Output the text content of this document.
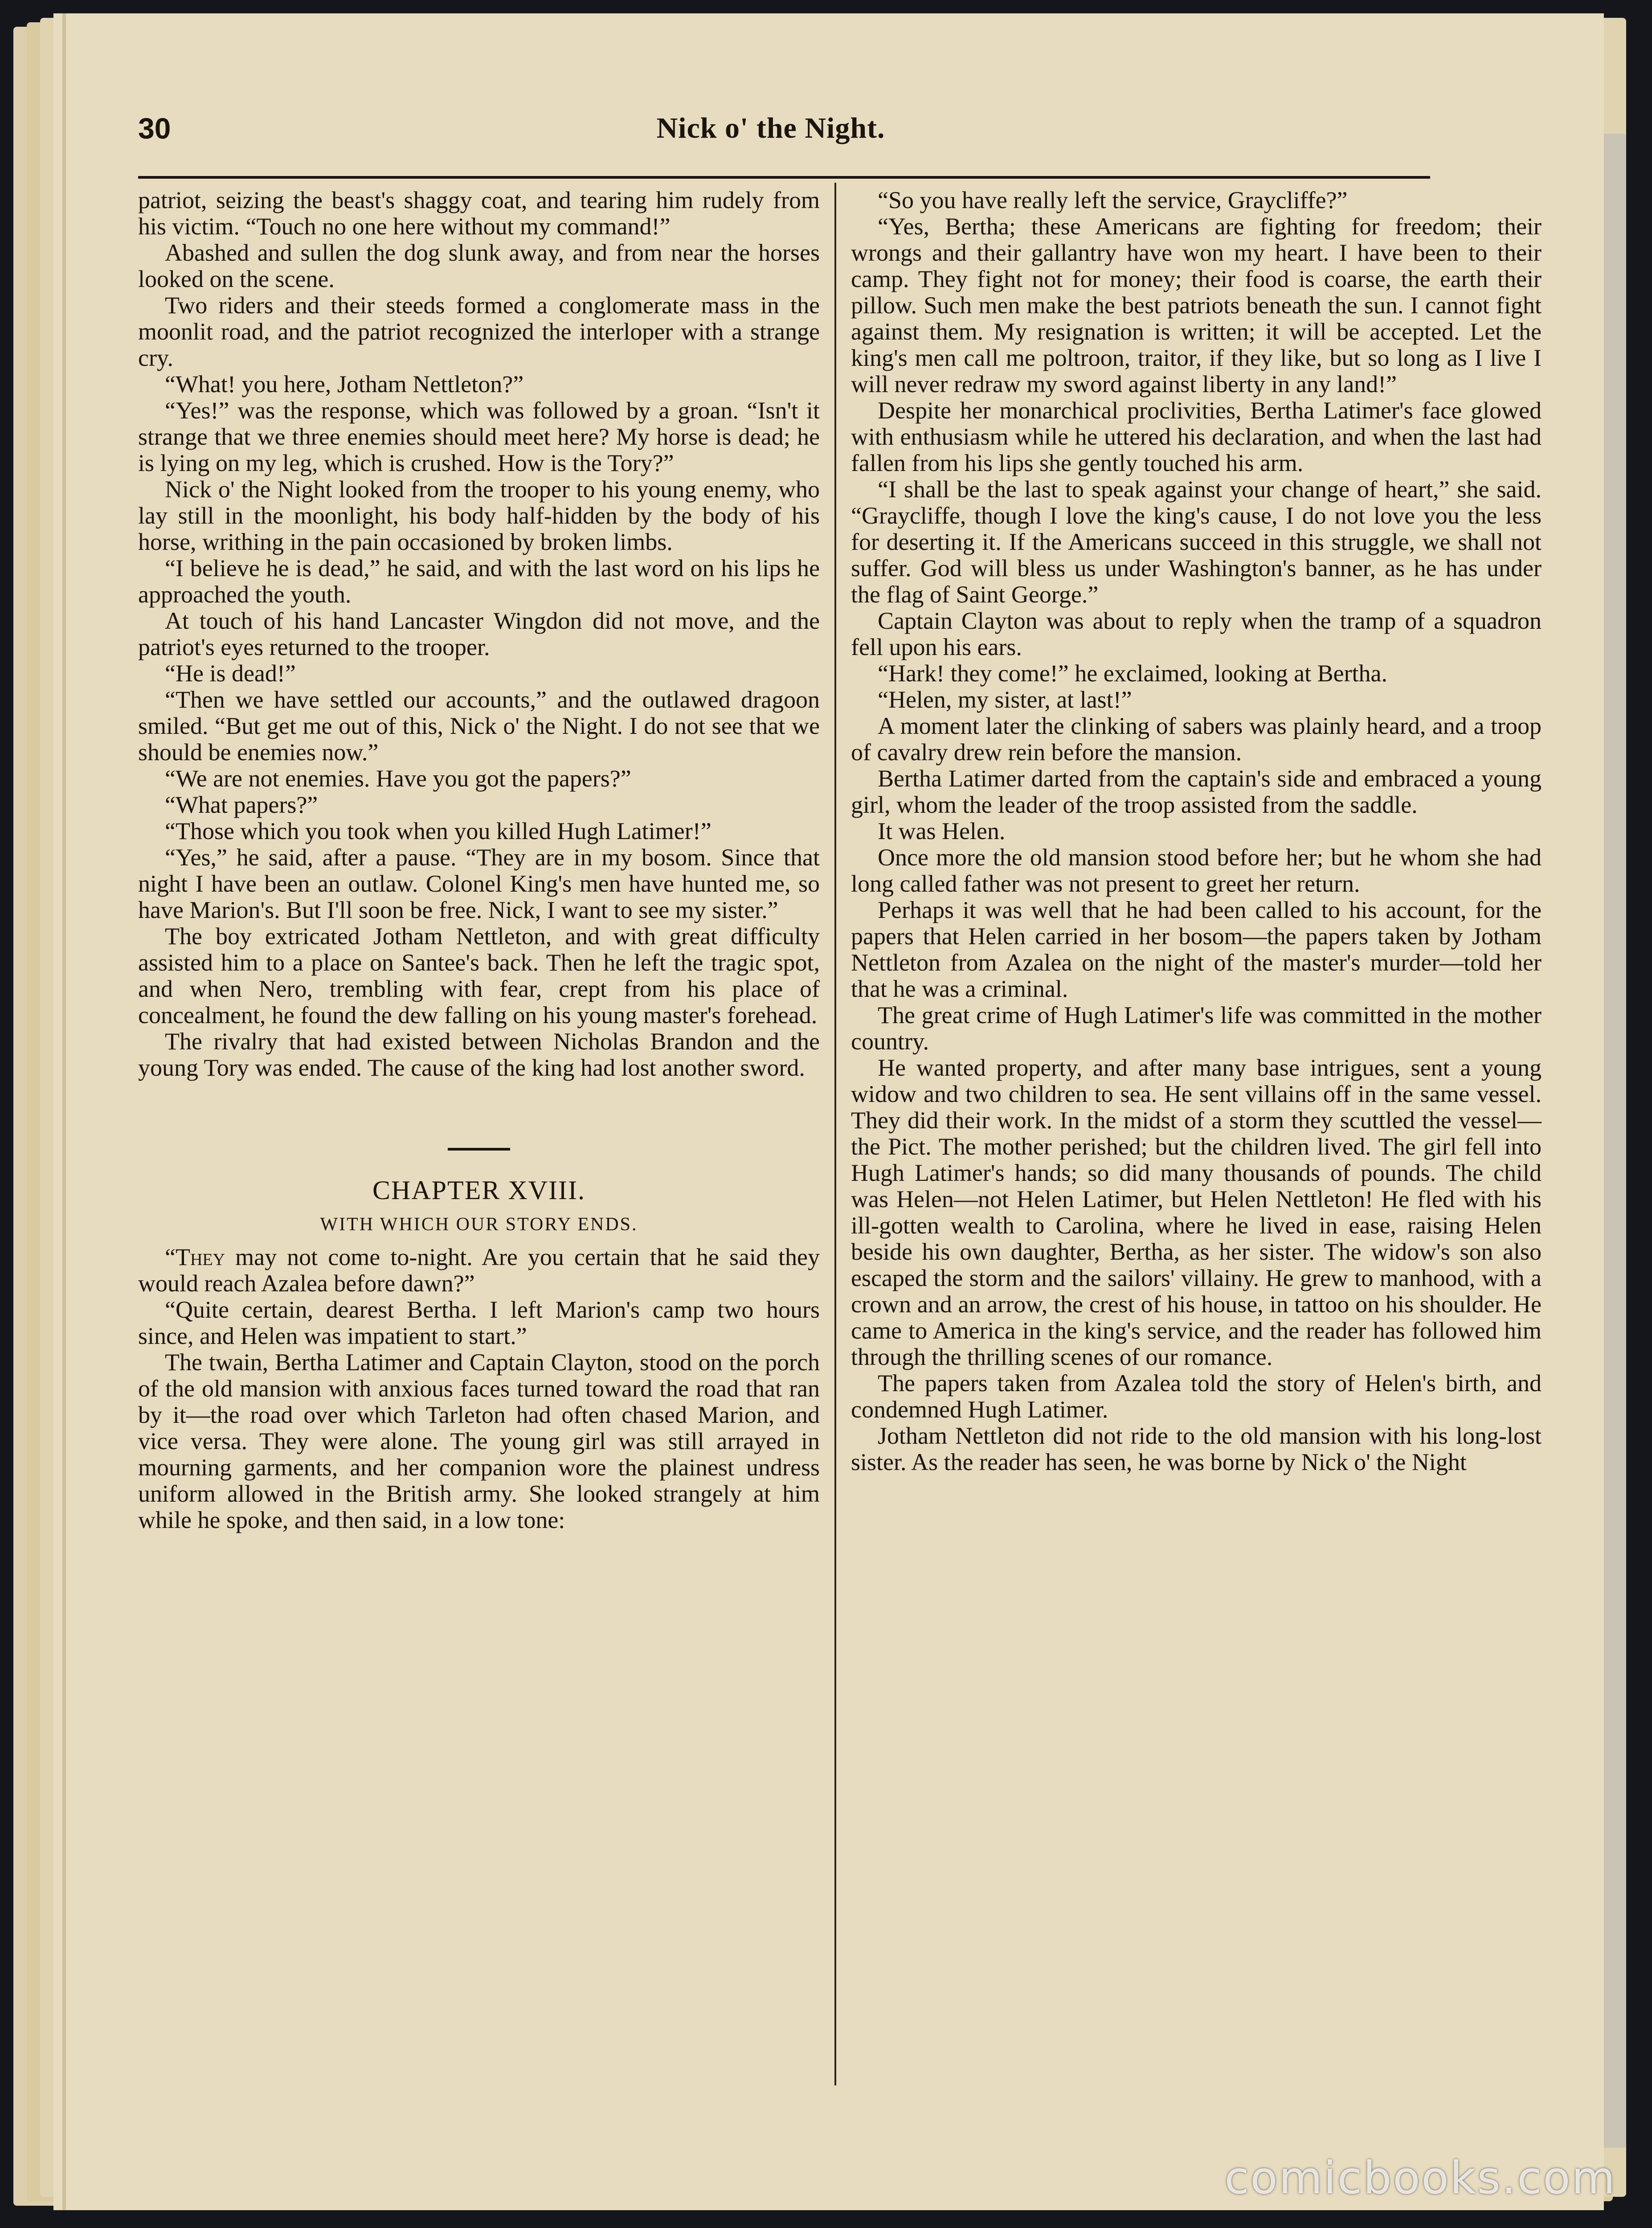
30	Nick o' the Night.

patriot, seizing the beast's shaggy coat, and tearing him rudely from his victim. “Touch no one here without my command!”

Abashed and sullen the dog slunk away, and from near the horses looked on the scene.

Two riders and their steeds formed a conglomerate mass in the moonlit road, and the patriot recognized the interloper with a strange cry.

“What! you here, Jotham Nettleton?”

“Yes!” was the response, which was followed by a groan. “Isn't it strange that we three enemies should meet here? My horse is dead; he is lying on my leg, which is crushed. How is the Tory?”

Nick o' the Night looked from the trooper to his young enemy, who lay still in the moonlight, his body half-hidden by the body of his horse, writhing in the pain occasioned by broken limbs.

“I believe he is dead,” he said, and with the last word on his lips he approached the youth.

At touch of his hand Lancaster Wingdon did not move, and the patriot's eyes returned to the trooper.

“He is dead!”

“Then we have settled our accounts,” and the outlawed dragoon smiled. “But get me out of this, Nick o' the Night. I do not see that we should be enemies now.”

“We are not enemies. Have you got the papers?”

“What papers?”

“Those which you took when you killed Hugh Latimer!”

“Yes,” he said, after a pause. “They are in my bosom. Since that night I have been an outlaw. Colonel King's men have hunted me, so have Marion's. But I'll soon be free. Nick, I want to see my sister.”

The boy extricated Jotham Nettleton, and with great difficulty assisted him to a place on Santee's back. Then he left the tragic spot, and when Nero, trembling with fear, crept from his place of concealment, he found the dew falling on his young master's forehead.

The rivalry that had existed between Nicholas Brandon and the young Tory was ended. The cause of the king had lost another sword.

CHAPTER XVIII.
WITH WHICH OUR STORY ENDS.

“They may not come to-night. Are you certain that he said they would reach Azalea before dawn?”

“Quite certain, dearest Bertha. I left Marion's camp two hours since, and Helen was impatient to start.”

The twain, Bertha Latimer and Captain Clayton, stood on the porch of the old mansion with anxious faces turned toward the road that ran by it—the road over which Tarleton had often chased Marion, and vice versa. They were alone. The young girl was still arrayed in mourning garments, and her companion wore the plainest undress uniform allowed in the British army. She looked strangely at him while he spoke, and then said, in a low tone:

“So you have really left the service, Graycliffe?”

“Yes, Bertha; these Americans are fighting for freedom; their wrongs and their gallantry have won my heart. I have been to their camp. They fight not for money; their food is coarse, the earth their pillow. Such men make the best patriots beneath the sun. I cannot fight against them. My resignation is written; it will be accepted. Let the king's men call me poltroon, traitor, if they like, but so long as I live I will never redraw my sword against liberty in any land!”

Despite her monarchical proclivities, Bertha Latimer's face glowed with enthusiasm while he uttered his declaration, and when the last had fallen from his lips she gently touched his arm.

“I shall be the last to speak against your change of heart,” she said. “Graycliffe, though I love the king's cause, I do not love you the less for deserting it. If the Americans succeed in this struggle, we shall not suffer. God will bless us under Washington's banner, as he has under the flag of Saint George.”

Captain Clayton was about to reply when the tramp of a squadron fell upon his ears.

“Hark! they come!” he exclaimed, looking at Bertha.

“Helen, my sister, at last!”

A moment later the clinking of sabers was plainly heard, and a troop of cavalry drew rein before the mansion.

Bertha Latimer darted from the captain's side and embraced a young girl, whom the leader of the troop assisted from the saddle.

It was Helen.

Once more the old mansion stood before her; but he whom she had long called father was not present to greet her return.

Perhaps it was well that he had been called to his account, for the papers that Helen carried in her bosom—the papers taken by Jotham Nettleton from Azalea on the night of the master's murder—told her that he was a criminal.

The great crime of Hugh Latimer's life was committed in the mother country.

He wanted property, and after many base intrigues, sent a young widow and two children to sea. He sent villains off in the same vessel. They did their work. In the midst of a storm they scuttled the vessel—the Pict. The mother perished; but the children lived. The girl fell into Hugh Latimer's hands; so did many thousands of pounds. The child was Helen—not Helen Latimer, but Helen Nettleton! He fled with his ill-gotten wealth to Carolina, where he lived in ease, raising Helen beside his own daughter, Bertha, as her sister. The widow's son also escaped the storm and the sailors' villainy. He grew to manhood, with a crown and an arrow, the crest of his house, in tattoo on his shoulder. He came to America in the king's service, and the reader has followed him through the thrilling scenes of our romance.

The papers taken from Azalea told the story of Helen's birth, and condemned Hugh Latimer.

Jotham Nettleton did not ride to the old mansion with his long-lost sister. As the reader has seen, he was borne by Nick o' the Night

comicbooks.com
